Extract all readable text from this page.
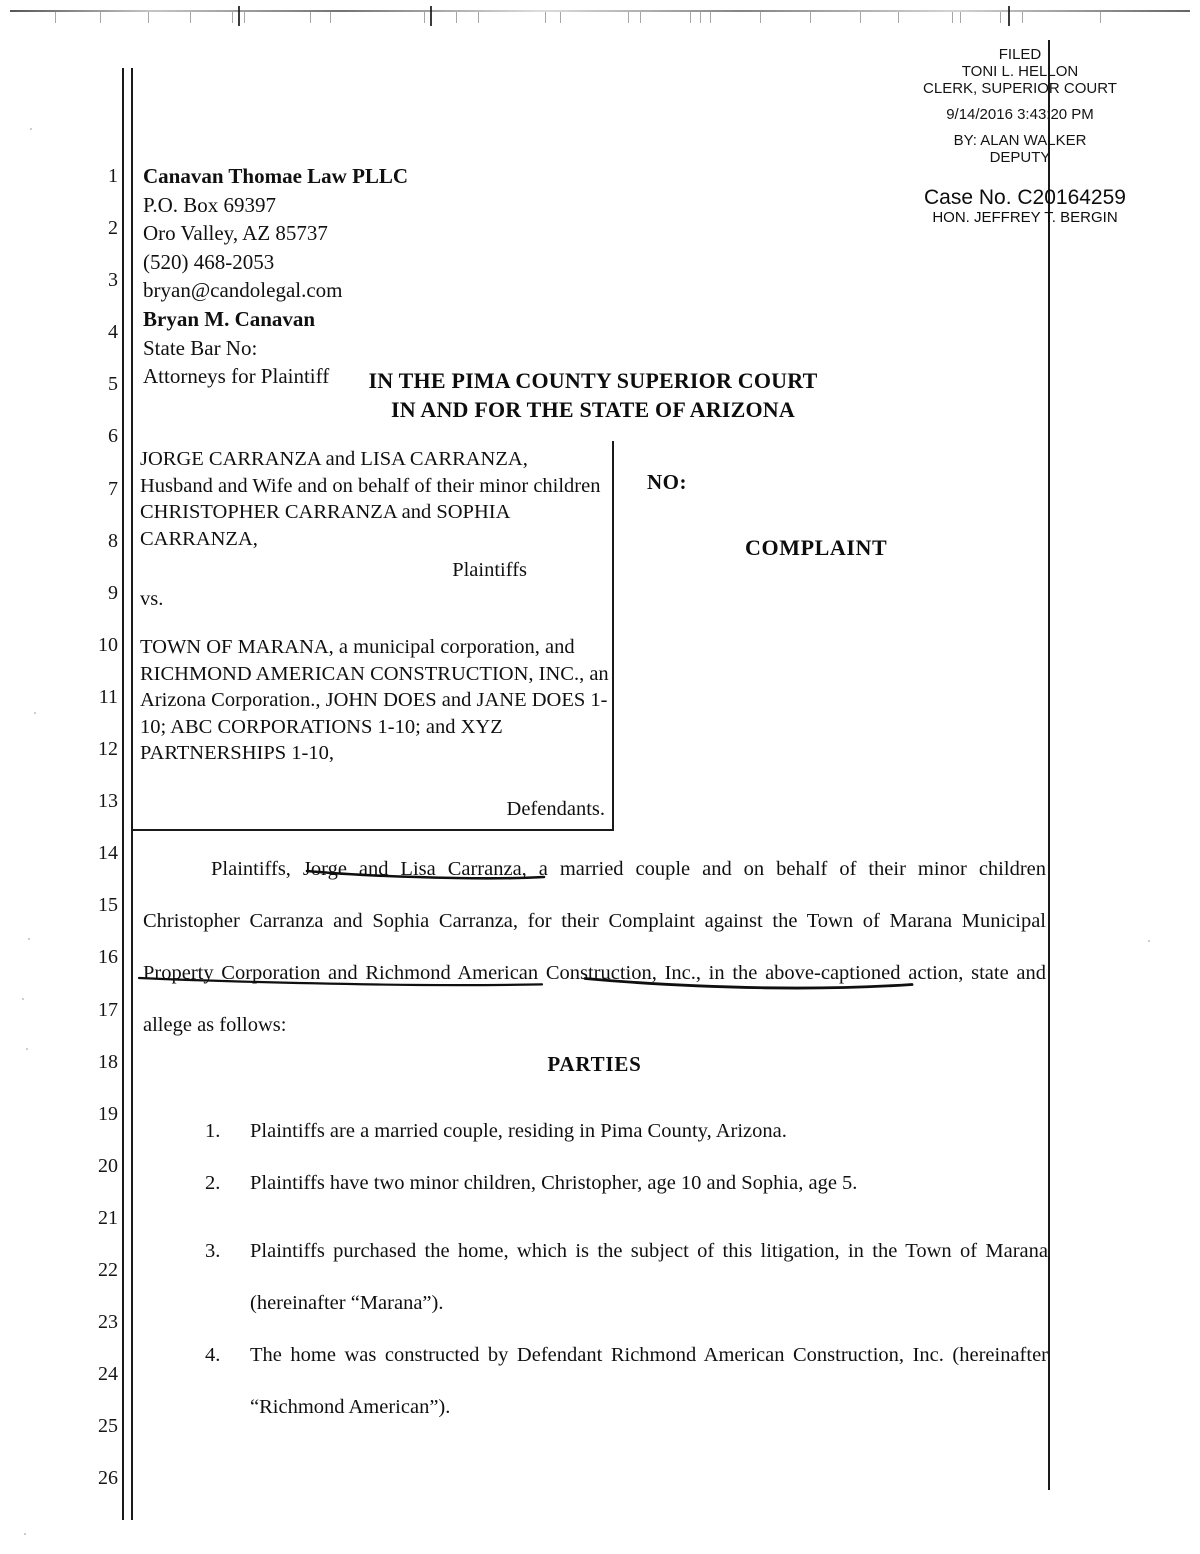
1
2
3
4
5
6
7
8
9
10
11
12
13
14
15
16
17
18
19
20
21
22
23
24
25
26
FILED
TONI L. HELLON
CLERK, SUPERIOR COURT
9/14/2016 3:43:20 PM
BY: ALAN WALKER
DEPUTY
Case No. C20164259
HON. JEFFREY T. BERGIN
Canavan Thomae Law PLLC
P.O. Box 69397
Oro Valley, AZ 85737
(520) 468-2053
bryan@candolegal.com
Bryan M. Canavan
State Bar No:
Attorneys for Plaintiff	IN THE PIMA COUNTY SUPERIOR COURT
IN AND FOR THE STATE OF ARIZONA
JORGE CARRANZA and LISA CARRANZA, Husband and Wife and on behalf of their minor children CHRISTOPHER CARRANZA and SOPHIA CARRANZA,
Plaintiffs
vs.
TOWN OF MARANA, a municipal corporation, and RICHMOND AMERICAN CONSTRUCTION, INC., an Arizona Corporation., JOHN DOES and JANE DOES 1-10; ABC CORPORATIONS 1-10; and XYZ PARTNERSHIPS 1-10,
Defendants.
NO:
COMPLAINT
Plaintiffs, Jorge and Lisa Carranza, a married couple and on behalf of their minor children Christopher Carranza and Sophia Carranza, for their Complaint against the Town of Marana Municipal Property Corporation and Richmond American Construction, Inc., in the above-captioned action, state and allege as follows:
PARTIES
1.	Plaintiffs are a married couple, residing in Pima County, Arizona.
2.	Plaintiffs have two minor children, Christopher, age 10 and Sophia, age 5.
3.	Plaintiffs purchased the home, which is the subject of this litigation, in the Town of Marana (hereinafter “Marana”).
4.	The home was constructed by Defendant Richmond American Construction, Inc. (hereinafter “Richmond American”).
